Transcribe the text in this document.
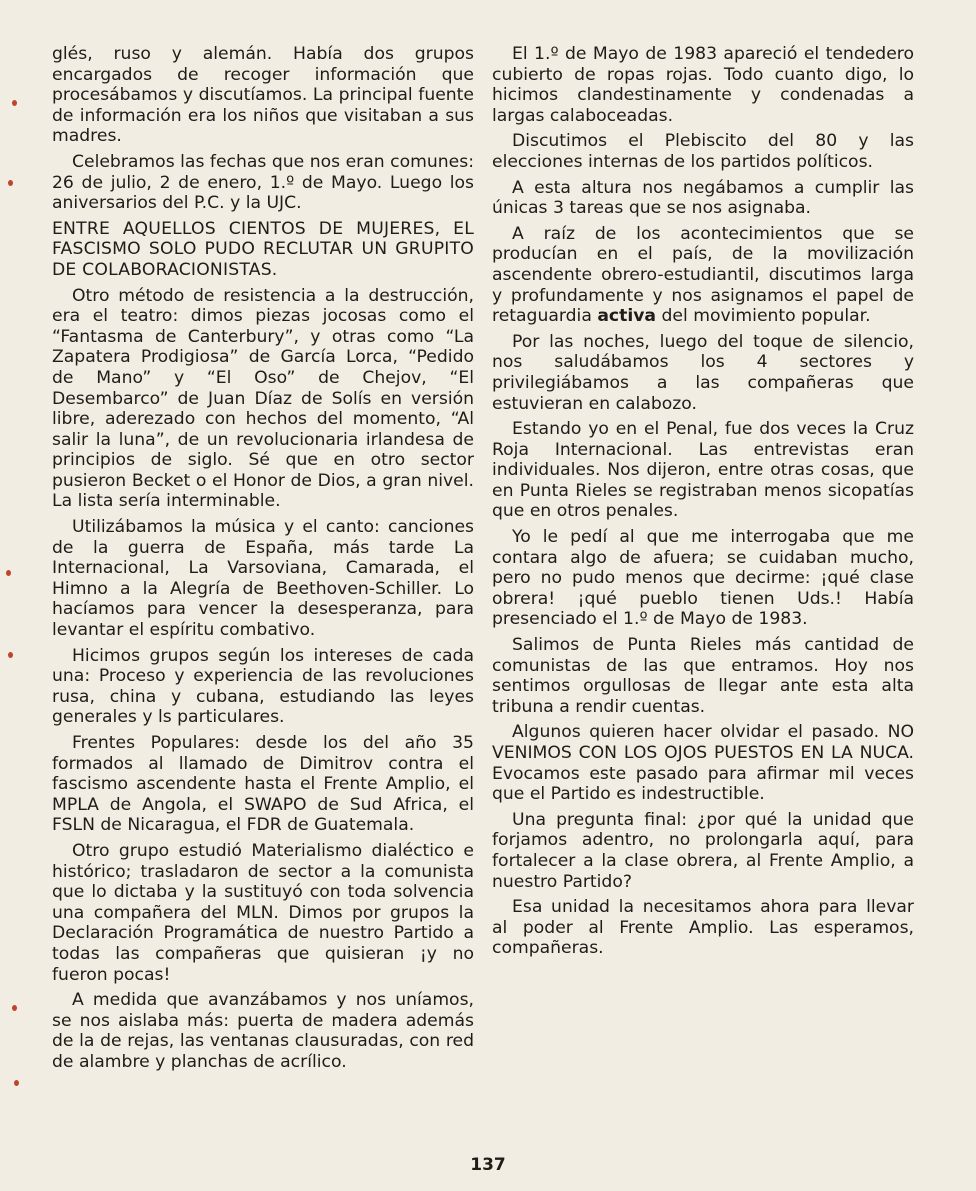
glés, ruso y alemán. Había dos grupos encargados de recoger información que procesábamos y discutíamos. La principal fuente de información era los niños que visitaban a sus madres.

Celebramos las fechas que nos eran comunes: 26 de julio, 2 de enero, 1.º de Mayo. Luego los aniversarios del P.C. y la UJC.

ENTRE AQUELLOS CIENTOS DE MUJERES, EL FASCISMO SOLO PUDO RECLUTAR UN GRUPITO DE COLABORACIONISTAS.

Otro método de resistencia a la destrucción, era el teatro: dimos piezas jocosas como el “Fantasma de Canterbury”, y otras como “La Zapatera Prodigiosa” de García Lorca, “Pedido de Mano” y “El Oso” de Chejov, “El Desembarco” de Juan Díaz de Solís en versión libre, aderezado con hechos del momento, “Al salir la luna”, de un revolucionaria irlandesa de principios de siglo. Sé que en otro sector pusieron Becket o el Honor de Dios, a gran nivel. La lista sería interminable.

Utilizábamos la música y el canto: canciones de la guerra de España, más tarde La Internacional, La Varsoviana, Camarada, el Himno a la Alegría de Beethoven-Schiller. Lo hacíamos para vencer la desesperanza, para levantar el espíritu combativo.

Hicimos grupos según los intereses de cada una: Proceso y experiencia de las revoluciones rusa, china y cubana, estudiando las leyes generales y ls particulares.

Frentes Populares: desde los del año 35 formados al llamado de Dimitrov contra el fascismo ascendente hasta el Frente Amplio, el MPLA de Angola, el SWAPO de Sud Africa, el FSLN de Nicaragua, el FDR de Guatemala.

Otro grupo estudió Materialismo dialéctico e histórico; trasladaron de sector a la comunista que lo dictaba y la sustituyó con toda solvencia una compañera del MLN. Dimos por grupos la Declaración Programática de nuestro Partido a todas las compañeras que quisieran ¡y no fueron pocas!

A medida que avanzábamos y nos uníamos, se nos aislaba más: puerta de madera además de la de rejas, las ventanas clausuradas, con red de alambre y planchas de acrílico.

El 1.º de Mayo de 1983 apareció el tendedero cubierto de ropas rojas. Todo cuanto digo, lo hicimos clandestinamente y condenadas a largas calaboceadas.

Discutimos el Plebiscito del 80 y las elecciones internas de los partidos políticos.

A esta altura nos negábamos a cumplir las únicas 3 tareas que se nos asignaba.

A raíz de los acontecimientos que se producían en el país, de la movilización ascendente obrero-estudiantil, discutimos larga y profundamente y nos asignamos el papel de retaguardia activa del movimiento popular.

Por las noches, luego del toque de silencio, nos saludábamos los 4 sectores y privilegiábamos a las compañeras que estuvieran en calabozo.

Estando yo en el Penal, fue dos veces la Cruz Roja Internacional. Las entrevistas eran individuales. Nos dijeron, entre otras cosas, que en Punta Rieles se registraban menos sicopatías que en otros penales.

Yo le pedí al que me interrogaba que me contara algo de afuera; se cuidaban mucho, pero no pudo menos que decirme: ¡qué clase obrera! ¡qué pueblo tienen Uds.! Había presenciado el 1.º de Mayo de 1983.

Salimos de Punta Rieles más cantidad de comunistas de las que entramos. Hoy nos sentimos orgullosas de llegar ante esta alta tribuna a rendir cuentas.

Algunos quieren hacer olvidar el pasado. NO VENIMOS CON LOS OJOS PUESTOS EN LA NUCA. Evocamos este pasado para afirmar mil veces que el Partido es indestructible.

Una pregunta final: ¿por qué la unidad que forjamos adentro, no prolongarla aquí, para fortalecer a la clase obrera, al Frente Amplio, a nuestro Partido?

Esa unidad la necesitamos ahora para llevar al poder al Frente Amplio. Las esperamos, compañeras.

137
